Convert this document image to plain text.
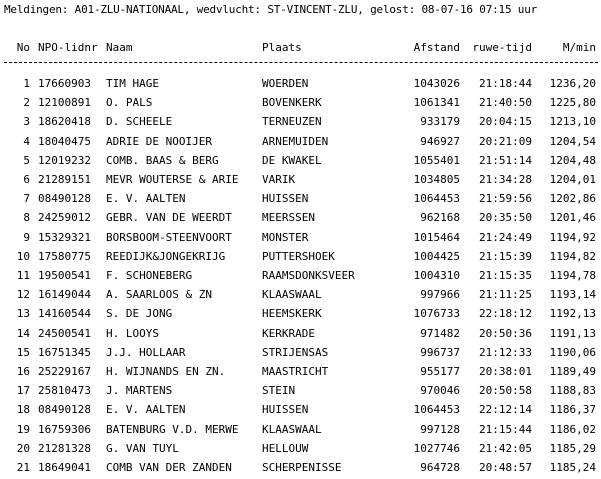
Meldingen: A01-ZLU-NATIONAAL, wedvlucht: ST-VINCENT-ZLU, gelost: 08-07-16 07:15 uur
No NPO-lidnr Naam	Plaats	Afstand	ruwe-tijd	M/min
1 17660903	TIM HAGE	WOERDEN	1043026	21:18:44	1236,20
2 12100891	O. PALS	BOVENKERK	1061341	21:40:50	1225,80
3 18620418	D. SCHEELE	TERNEUZEN	933179	20:04:15	1213,10
4 18040475	ADRIE DE NOOIJER	ARNEMUIDEN	946927	20:21:09	1204,54
5 12019232	COMB. BAAS & BERG	DE KWAKEL	1055401	21:51:14	1204,48
6 21289151	MEVR WOUTERSE & ARIE	VARIK	1034805	21:34:28	1204,01
7 08490128	E. V. AALTEN	HUISSEN	1064453	21:59:56	1202,86
8 24259012	GEBR. VAN DE WEERDT	MEERSSEN	962168	20:35:50	1201,46
9 15329321	BORSBOOM-STEENVOORT	MONSTER	1015464	21:24:49	1194,92
10 17580775	REEDIJK&JONGEKRIJG	PUTTERSHOEK	1004425	21:15:39	1194,82
11 19500541	F. SCHONEBERG	RAAMSDONKSVEER	1004310	21:15:35	1194,78
12 16149044	A. SAARLOOS & ZN	KLAASWAAL	997966	21:11:25	1193,14
13 14160544	S. DE JONG	HEEMSKERK	1076733	22:18:12	1192,13
14 24500541	H. LOOYS	KERKRADE	971482	20:50:36	1191,13
15 16751345	J.J. HOLLAAR	STRIJENSAS	996737	21:12:33	1190,06
16 25229167	H. WIJNANDS EN ZN.	MAASTRICHT	955177	20:38:01	1189,49
17 25810473	J. MARTENS	STEIN	970046	20:50:58	1188,83
18 08490128	E. V. AALTEN	HUISSEN	1064453	22:12:14	1186,37
19 16759306	BATENBURG V.D. MERWE	KLAASWAAL	997128	21:15:44	1186,02
20 21281328	G. VAN TUYL	HELLOUW	1027746	21:42:05	1185,29
21 18649041	COMB VAN DER ZANDEN	SCHERPENISSE	964728	20:48:57	1185,24
